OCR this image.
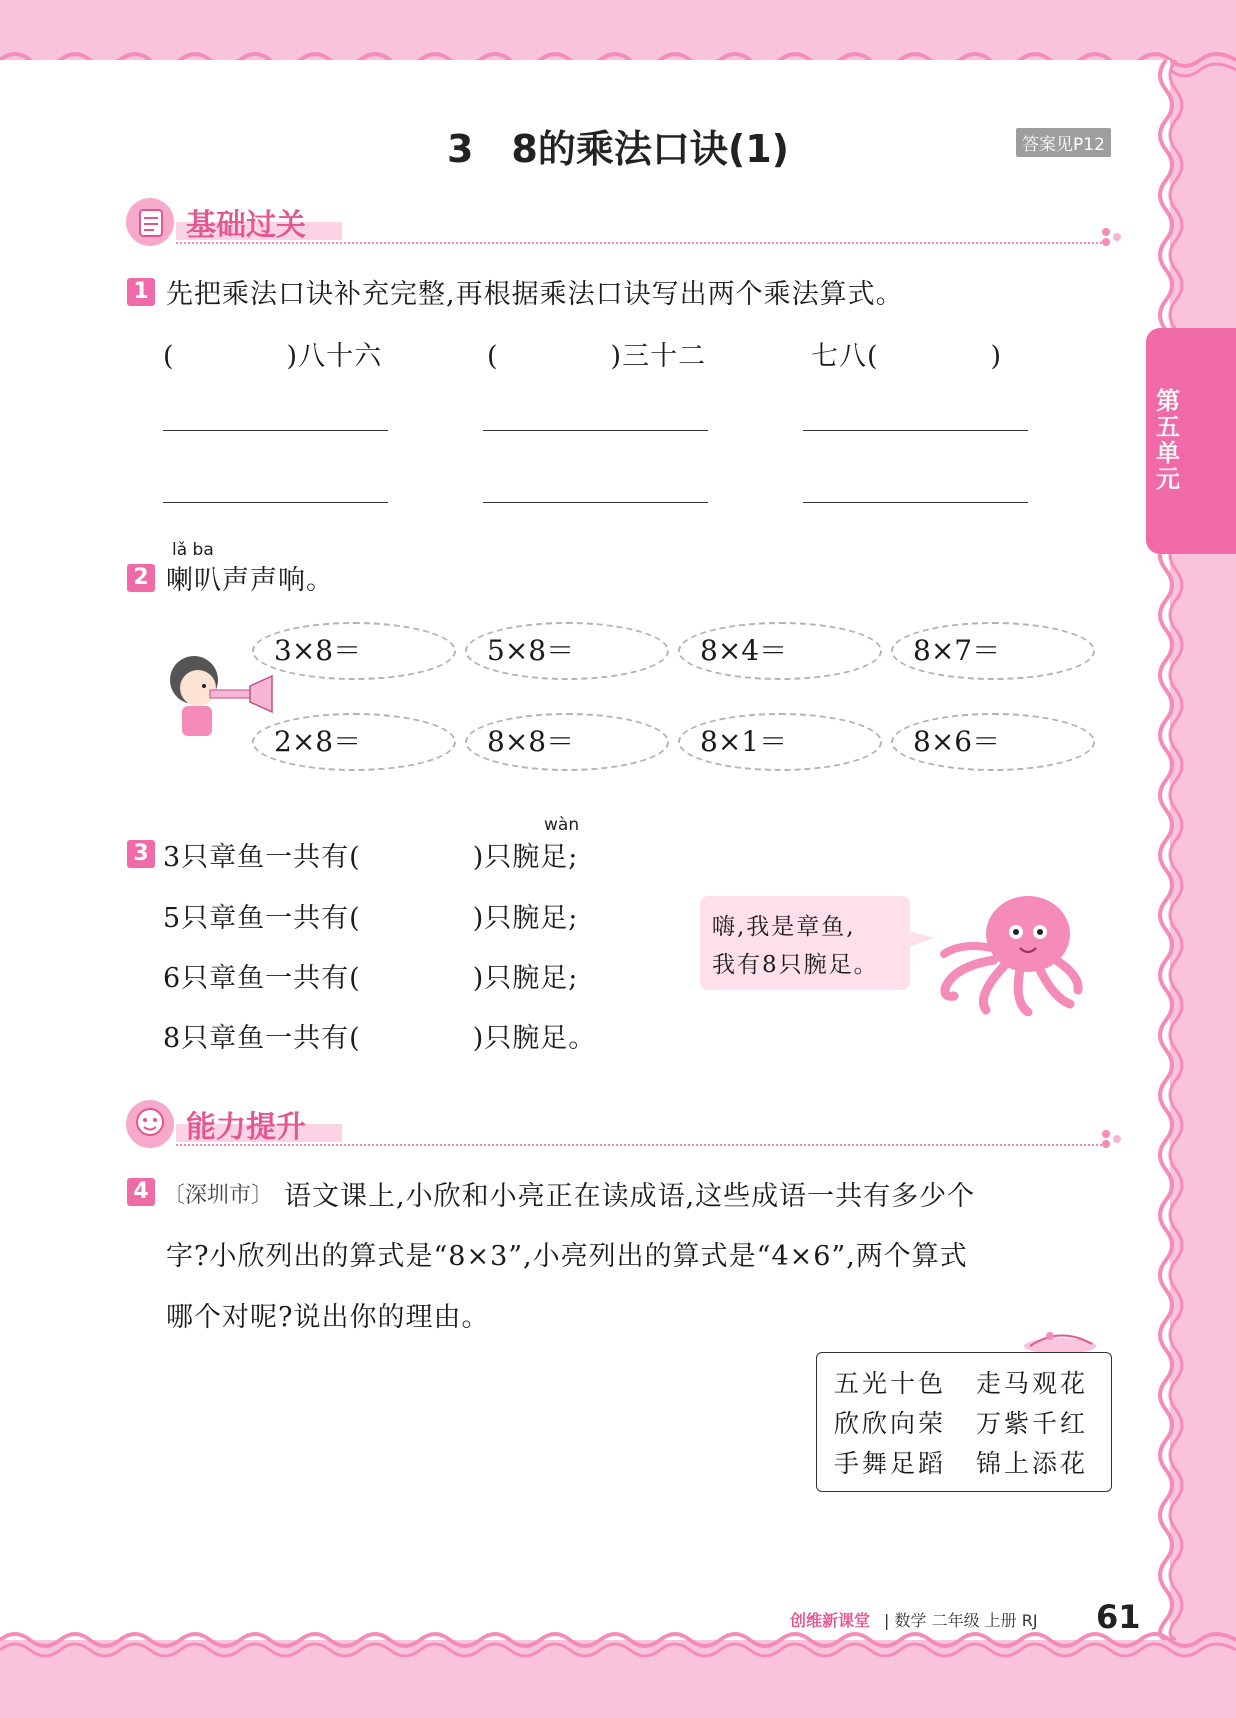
3　8的乘法口诀(1)	答案见P12
第五单元
基础过关
1 先把乘法口诀补充完整,再根据乘法口诀写出两个乘法算式。
(　　　　)八十六	(　　　　)三十二	七八(　　　　)
lǎ ba
2 喇叭声声响。
3×8＝	5×8＝	8×4＝	8×7＝
2×8＝	8×8＝	8×1＝	8×6＝
wàn
3 3只章鱼一共有(　　　　)只腕足;
5只章鱼一共有(　　　　)只腕足;
6只章鱼一共有(　　　　)只腕足;
8只章鱼一共有(　　　　)只腕足。
嗨,我是章鱼,
我有8只腕足。
能力提升
4 〔深圳市〕 语文课上,小欣和小亮正在读成语,这些成语一共有多少个
字?小欣列出的算式是“8×3”,小亮列出的算式是“4×6”,两个算式
哪个对呢?说出你的理由。
五光十色 走马观花
欣欣向荣 万紫千红
手舞足蹈 锦上添花
创维新课堂 | 数学 二年级 上册 RJ 61
